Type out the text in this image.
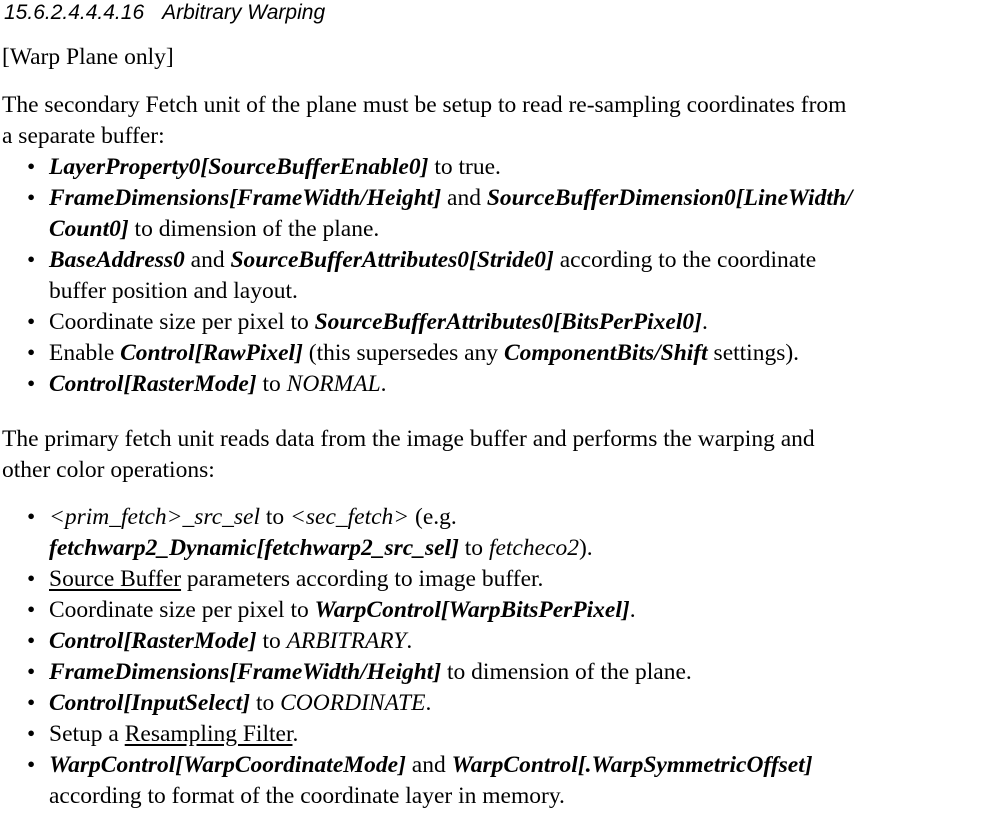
15.6.2.4.4.4.16 Arbitrary Warping
[Warp Plane only]
The secondary Fetch unit of the plane must be setup to read re-sampling coordinates from
a separate buffer:
• LayerProperty0[SourceBufferEnable0] to true.
• FrameDimensions[FrameWidth/Height] and SourceBufferDimension0[LineWidth/
Count0] to dimension of the plane.
• BaseAddress0 and SourceBufferAttributes0[Stride0] according to the coordinate
buffer position and layout.
• Coordinate size per pixel to SourceBufferAttributes0[BitsPerPixel0].
• Enable Control[RawPixel] (this supersedes any ComponentBits/Shift settings).
• Control[RasterMode] to NORMAL.
The primary fetch unit reads data from the image buffer and performs the warping and
other color operations:
• <prim_fetch>_src_sel to <sec_fetch> (e.g.
fetchwarp2_Dynamic[fetchwarp2_src_sel] to fetcheco2).
• Source Buffer parameters according to image buffer.
• Coordinate size per pixel to WarpControl[WarpBitsPerPixel].
• Control[RasterMode] to ARBITRARY.
• FrameDimensions[FrameWidth/Height] to dimension of the plane.
• Control[InputSelect] to COORDINATE.
• Setup a Resampling Filter.
• WarpControl[WarpCoordinateMode] and WarpControl[.WarpSymmetricOffset]
according to format of the coordinate layer in memory.
